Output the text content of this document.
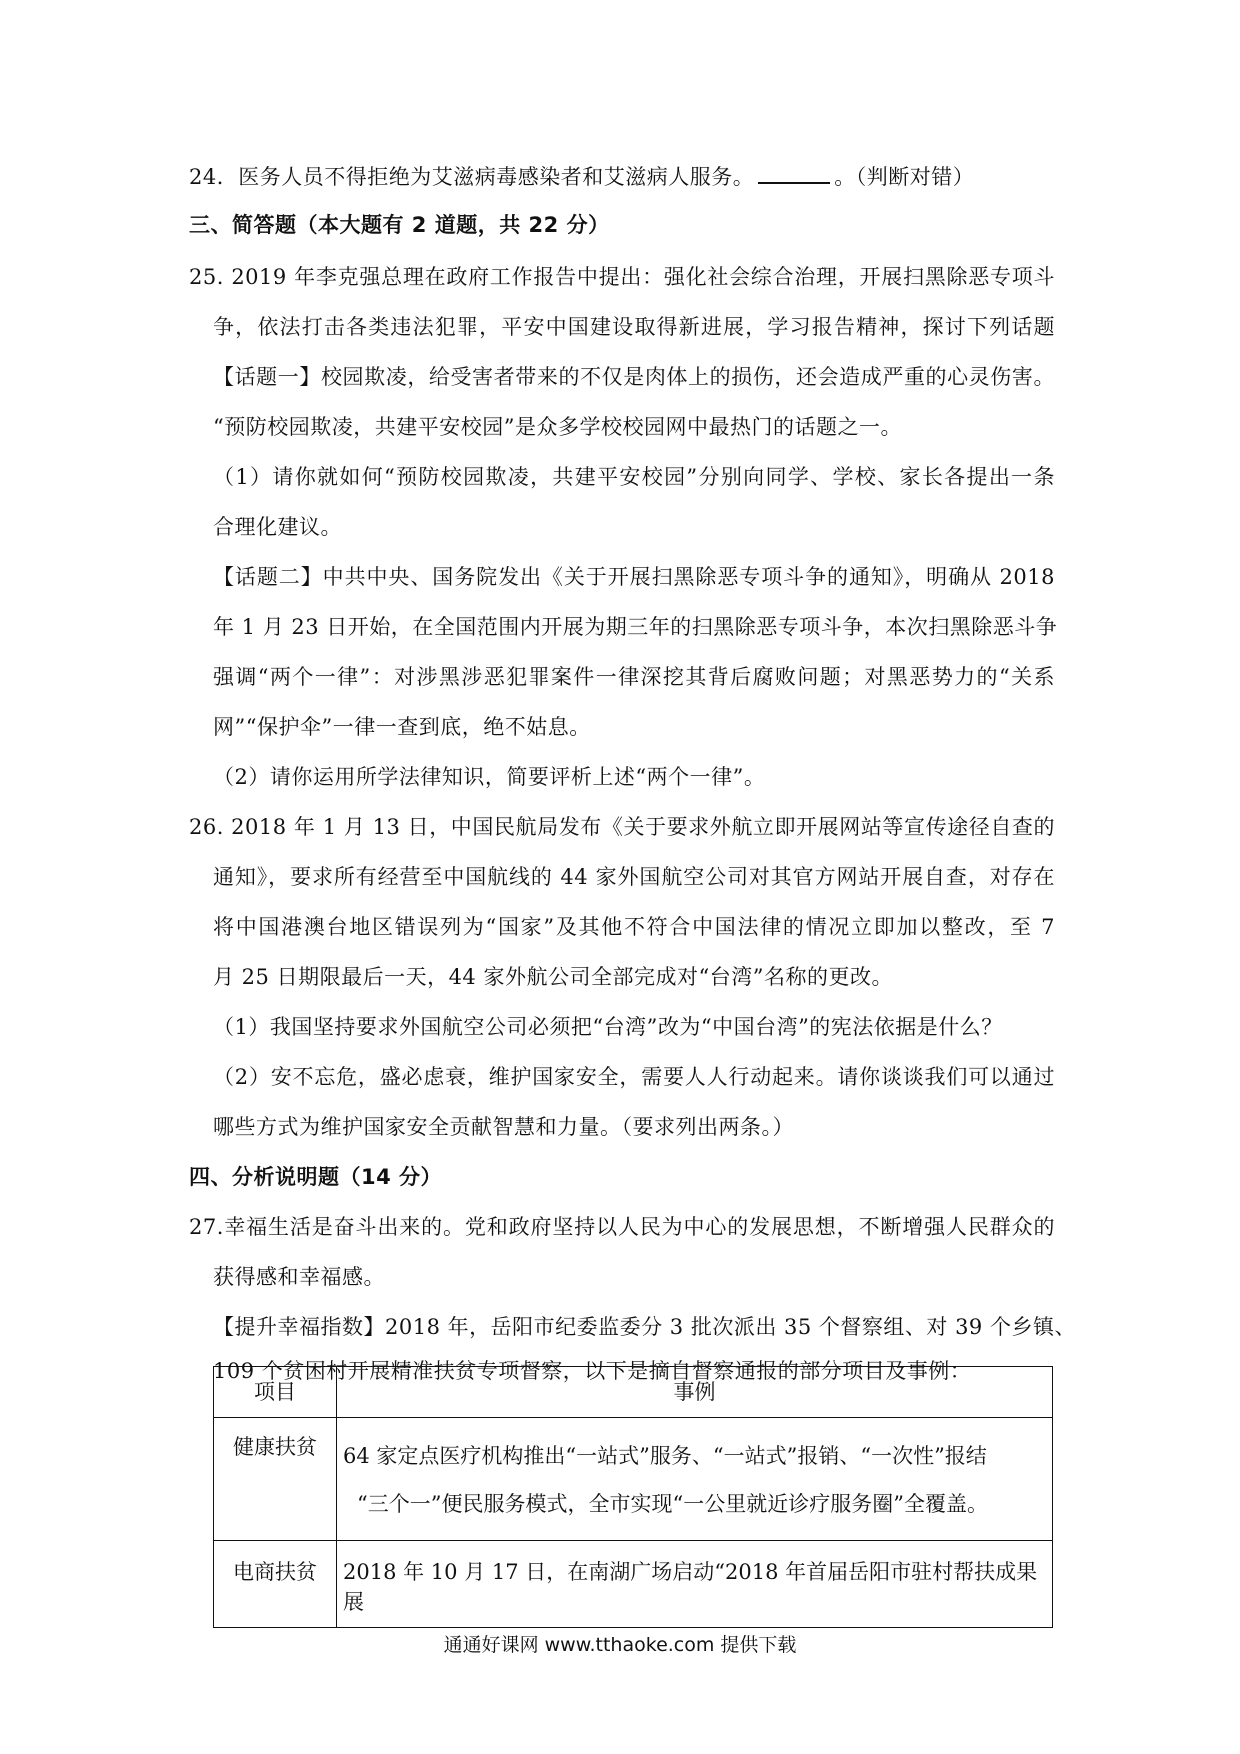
24．医务人员不得拒绝为艾滋病毒感染者和艾滋病人服务。	。（判断对错）
三、简答题（本大题有 2 道题，共 22 分）
25. 2019 年李克强总理在政府工作报告中提出：强化社会综合治理，开展扫黑除恶专项斗
争，依法打击各类违法犯罪，平安中国建设取得新进展，学习报告精神，探讨下列话题
【话题一】校园欺凌，给受害者带来的不仅是肉体上的损伤，还会造成严重的心灵伤害。
“预防校园欺凌，共建平安校园”是众多学校校园网中最热门的话题之一。
（1）请你就如何“预防校园欺凌，共建平安校园”分别向同学、学校、家长各提出一条
合理化建议。
【话题二】中共中央、国务院发出《关于开展扫黑除恶专项斗争的通知》，明确从 2018
年 1 月 23 日开始，在全国范围内开展为期三年的扫黑除恶专项斗争，本次扫黑除恶斗争
强调“两个一律”：对涉黑涉恶犯罪案件一律深挖其背后腐败问题；对黑恶势力的“关系
网”“保护伞”一律一查到底，绝不姑息。
（2）请你运用所学法律知识，简要评析上述“两个一律”。
26. 2018 年 1 月 13 日，中国民航局发布《关于要求外航立即开展网站等宣传途径自查的
通知》，要求所有经营至中国航线的 44 家外国航空公司对其官方网站开展自查，对存在
将中国港澳台地区错误列为“国家”及其他不符合中国法律的情况立即加以整改，至 7
月 25 日期限最后一天，44 家外航公司全部完成对“台湾”名称的更改。
（1）我国坚持要求外国航空公司必须把“台湾”改为“中国台湾”的宪法依据是什么？
（2）安不忘危，盛必虑衰，维护国家安全，需要人人行动起来。请你谈谈我们可以通过
哪些方式为维护国家安全贡献智慧和力量。（要求列出两条。）
四、分析说明题（14 分）
27.幸福生活是奋斗出来的。党和政府坚持以人民为中心的发展思想，不断增强人民群众的
获得感和幸福感。
【提升幸福指数】2018 年，岳阳市纪委监委分 3 批次派出 35 个督察组、对 39 个乡镇、
109 个贫困村开展精准扶贫专项督察，以下是摘自督察通报的部分项目及事例：
项目	事例
健康扶贫	64 家定点医疗机构推出“一站式”服务、“一站式”报销、“一次性”报结
“三个一”便民服务模式，全市实现“一公里就近诊疗服务圈”全覆盖。

电商扶贫	2018 年 10 月 17 日，在南湖广场启动“2018 年首届岳阳市驻村帮扶成果展
通通好课网 www.tthaoke.com 提供下载
